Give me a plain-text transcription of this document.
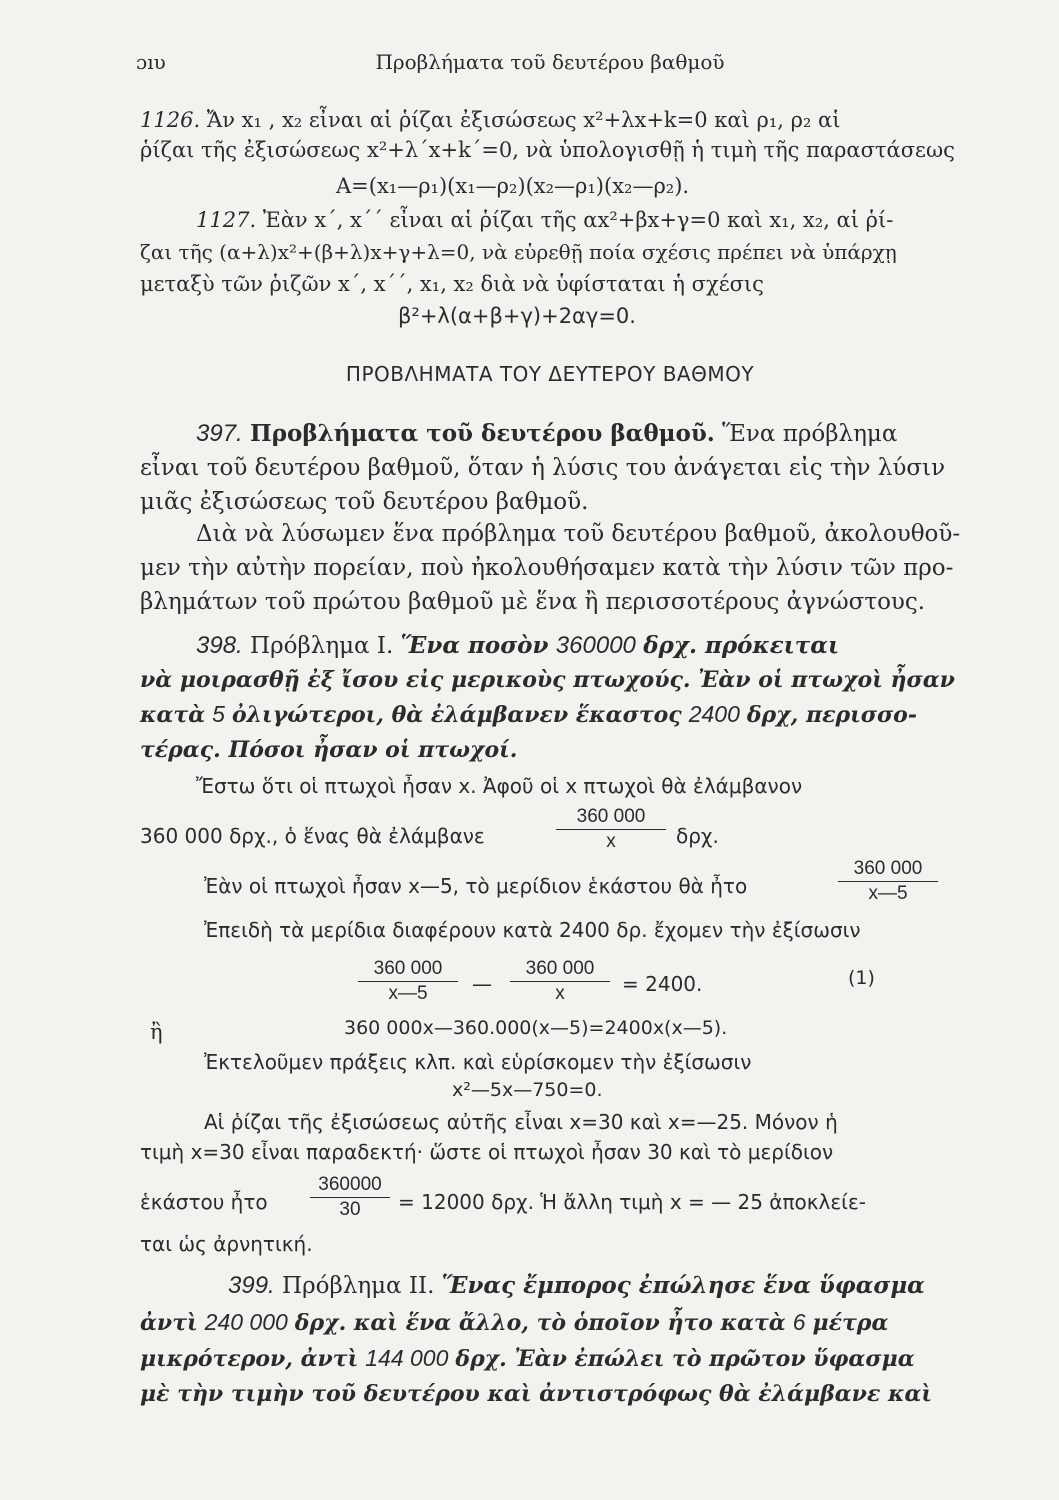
ɔıυ	Προβλήματα τοῦ δευτέρου βαθμοῦ
1126. Ἄν x₁ , x₂ εἶναι αἱ ῥίζαι ἐξισώσεως x²+λx+k=0 καὶ ρ₁, ρ₂ αἱ
ῥίζαι τῆς ἐξισώσεως x²+λ΄x+k΄=0, νὰ ὑπολογισθῇ ἡ τιμὴ τῆς παραστάσεως
A=(x₁—ρ₁)(x₁—ρ₂)(x₂—ρ₁)(x₂—ρ₂).
1127. Ἐὰν x΄, x΄΄ εἶναι αἱ ῥίζαι τῆς αx²+βx+γ=0 καὶ x₁, x₂, αἱ ῥί-
ζαι τῆς (α+λ)x²+(β+λ)x+γ+λ=0, νὰ εὑρεθῇ ποία σχέσις πρέπει νὰ ὑπάρχῃ
μεταξὺ τῶν ῥιζῶν x΄, x΄΄, x₁, x₂ διὰ νὰ ὑφίσταται ἡ σχέσις
β²+λ(α+β+γ)+2αγ=0.
ΠΡΟΒΛΗΜΑΤΑ ΤΟΥ ΔΕΥΤΕΡΟΥ ΒΑΘΜΟΥ
397. Προβλήματα τοῦ δευτέρου βαθμοῦ. Ἕνα πρόβλημα
εἶναι τοῦ δευτέρου βαθμοῦ, ὅταν ἡ λύσις του ἀνάγεται εἰς τὴν λύσιν
μιᾶς ἐξισώσεως τοῦ δευτέρου βαθμοῦ.
Διὰ νὰ λύσωμεν ἕνα πρόβλημα τοῦ δευτέρου βαθμοῦ, ἀκολουθοῦ-
μεν τὴν αὐτὴν πορείαν, ποὺ ἠκολουθήσαμεν κατὰ τὴν λύσιν τῶν προ-
βλημάτων τοῦ πρώτου βαθμοῦ μὲ ἕνα ἢ περισσοτέρους ἀγνώστους.
398. Πρόβλημα I. Ἕνα ποσὸν 360000 δρχ. πρόκειται
νὰ μοιρασθῇ ἐξ ἴσου εἰς μερικοὺς πτωχούς. Ἐὰν οἱ πτωχοὶ ἦσαν
κατὰ 5 ὀλιγώτεροι, θὰ ἐλάμβανεν ἕκαστος 2400 δρχ, περισσο-
τέρας. Πόσοι ἦσαν οἱ πτωχοί.
Ἔστω ὅτι οἱ πτωχοὶ ἦσαν x. Ἀφοῦ οἱ x πτωχοὶ θὰ ἐλάμβανον
360 000 δρχ., ὁ ἕνας θὰ ἐλάμβανε	$\frac{360 000}{x} \delta\rho\chi$.
Ἐὰν οἱ πτωχοὶ ἦσαν x—5, τὸ μερίδιον ἑκάστου θὰ ἦτο	$\frac{360 000}{x—5}$
Ἐπειδὴ τὰ μερίδια διαφέρουν κατὰ 2400 δρ. ἔχομεν τὴν ἐξίσωσιν
$\frac{360 000}{x—5}$ — $\frac{360 000}{x} = 2400$.	(1)
ἢ	360 000x—360.000(x—5)=2400x(x—5).
Ἐκτελοῦμεν πράξεις κλπ. καὶ εὑρίσκομεν τὴν ἐξίσωσιν
x²—5x—750=0.
Αἱ ῥίζαι τῆς ἐξισώσεως αὐτῆς εἶναι x=30 καὶ x=—25. Μόνον ἡ
τιμὴ x=30 εἶναι παραδεκτή· ὥστε οἱ πτωχοὶ ἦσαν 30 καὶ τὸ μερίδιον
ἑκάστου ἦτο	$\frac{360000}{30} = 12000$ δρχ. Ἡ ἄλλη τιμὴ x = — 25 ἀποκλείε-
ται ὡς ἀρνητική.
399. Πρόβλημα II. Ἕνας ἔμπορος ἐπώλησε ἕνα ὕφασμα
ἀντὶ 240 000 δρχ. καὶ ἕνα ἄλλο, τὸ ὁποῖον ἦτο κατὰ 6 μέτρα
μικρότερον, ἀντὶ 144 000 δρχ. Ἐὰν ἐπώλει τὸ πρῶτον ὕφασμα
μὲ τὴν τιμὴν τοῦ δευτέρου καὶ ἀντιστρόφως θὰ ἐλάμβανε καὶ
